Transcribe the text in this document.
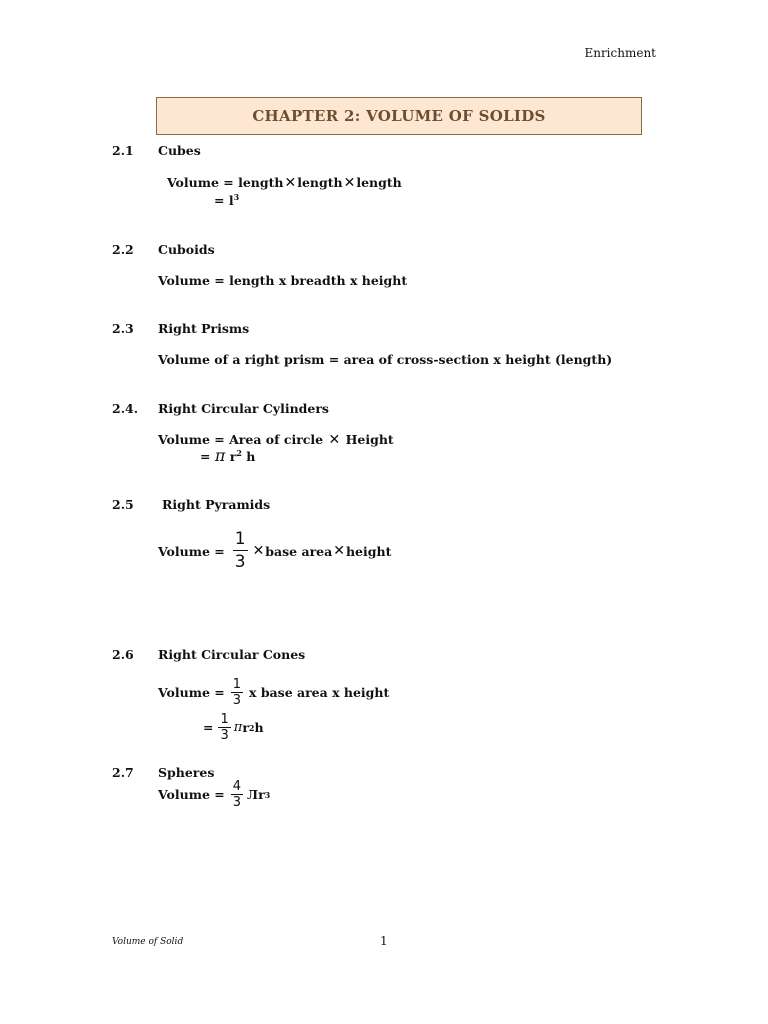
Enrichment
CHAPTER 2: VOLUME OF SOLIDS
2.1 Cubes
Volume = length✕length✕length
= $l^3$
2.2 Cuboids
Volume = length x breadth x height
2.3 Right Prisms
Volume of a right prism = area of cross-section x height (length)
2.4. Right Circular Cylinders
Volume = Area of circle ✕ Height
= π $r^2$ h
2.5 Right Pyramids
Volume = $\frac{1}{3}$ ✕ base area ✕ height
2.6 Right Circular Cones
Volume = $\frac{1}{3}$ x base area x height
= $\frac{1}{3}$ π r 2 h
2.7 Spheres
Volume = $\frac{4}{3}$ Л r 3
Volume of Solid	1
